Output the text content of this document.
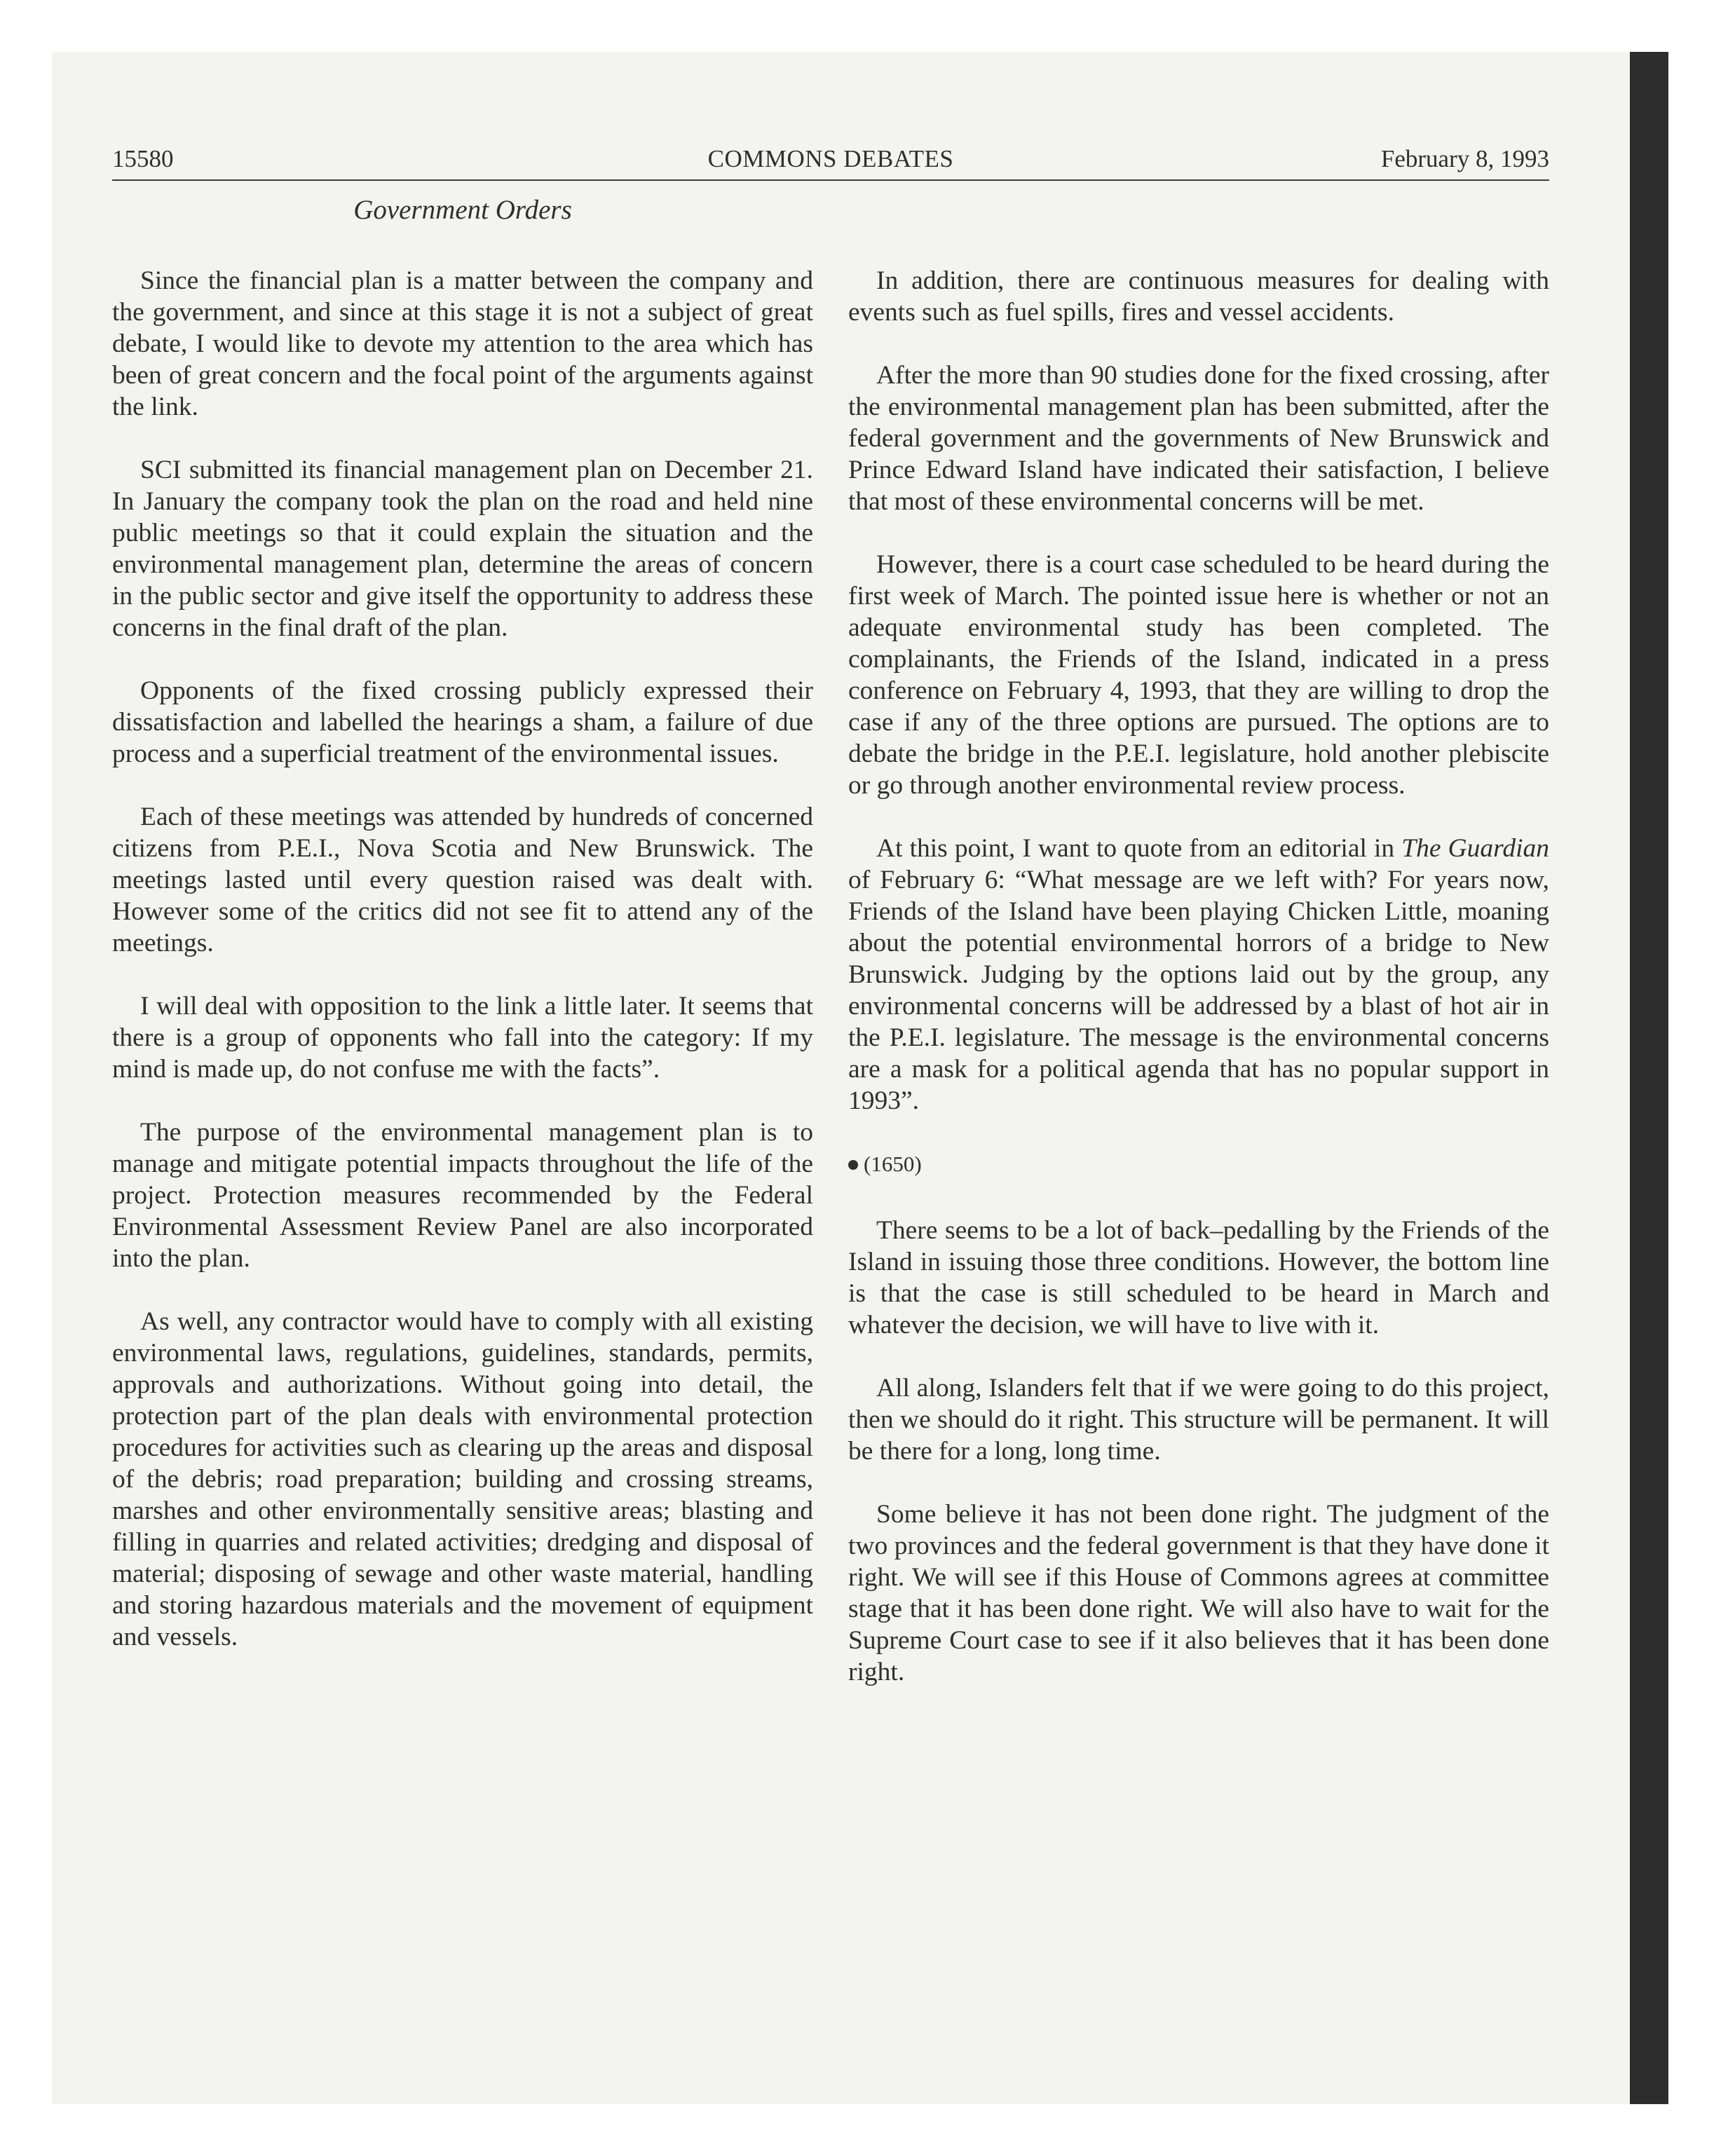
15580	COMMONS DEBATES	February 8, 1993
Government Orders

Since the financial plan is a matter between the company and the government, and since at this stage it is not a subject of great debate, I would like to devote my attention to the area which has been of great concern and the focal point of the arguments against the link.

SCI submitted its financial management plan on December 21. In January the company took the plan on the road and held nine public meetings so that it could explain the situation and the environmental management plan, determine the areas of concern in the public sector and give itself the opportunity to address these concerns in the final draft of the plan.

Opponents of the fixed crossing publicly expressed their dissatisfaction and labelled the hearings a sham, a failure of due process and a superficial treatment of the environmental issues.

Each of these meetings was attended by hundreds of concerned citizens from P.E.I., Nova Scotia and New Brunswick. The meetings lasted until every question raised was dealt with. However some of the critics did not see fit to attend any of the meetings.

I will deal with opposition to the link a little later. It seems that there is a group of opponents who fall into the category: If my mind is made up, do not confuse me with the facts”.

The purpose of the environmental management plan is to manage and mitigate potential impacts throughout the life of the project. Protection measures recommended by the Federal Environmental Assessment Review Panel are also incorporated into the plan.

As well, any contractor would have to comply with all existing environmental laws, regulations, guidelines, standards, permits, approvals and authorizations. Without going into detail, the protection part of the plan deals with environmental protection procedures for activities such as clearing up the areas and disposal of the debris; road preparation; building and crossing streams, marshes and other environmentally sensitive areas; blasting and filling in quarries and related activities; dredging and disposal of material; disposing of sewage and other waste material, handling and storing hazardous materials and the movement of equipment and vessels.

In addition, there are continuous measures for dealing with events such as fuel spills, fires and vessel accidents.

After the more than 90 studies done for the fixed crossing, after the environmental management plan has been submitted, after the federal government and the governments of New Brunswick and Prince Edward Island have indicated their satisfaction, I believe that most of these environmental concerns will be met.

However, there is a court case scheduled to be heard during the first week of March. The pointed issue here is whether or not an adequate environmental study has been completed. The complainants, the Friends of the Island, indicated in a press conference on February 4, 1993, that they are willing to drop the case if any of the three options are pursued. The options are to debate the bridge in the P.E.I. legislature, hold another plebiscite or go through another environmental review process.

At this point, I want to quote from an editorial in The Guardian of February 6: “What message are we left with? For years now, Friends of the Island have been playing Chicken Little, moaning about the potential environmental horrors of a bridge to New Brunswick. Judging by the options laid out by the group, any environmental concerns will be addressed by a blast of hot air in the P.E.I. legislature. The message is the environmental concerns are a mask for a political agenda that has no popular support in 1993”.

(1650)

There seems to be a lot of back–pedalling by the Friends of the Island in issuing those three conditions. However, the bottom line is that the case is still scheduled to be heard in March and whatever the decision, we will have to live with it.

All along, Islanders felt that if we were going to do this project, then we should do it right. This structure will be permanent. It will be there for a long, long time.

Some believe it has not been done right. The judgment of the two provinces and the federal government is that they have done it right. We will see if this House of Commons agrees at committee stage that it has been done right. We will also have to wait for the Supreme Court case to see if it also believes that it has been done right.
